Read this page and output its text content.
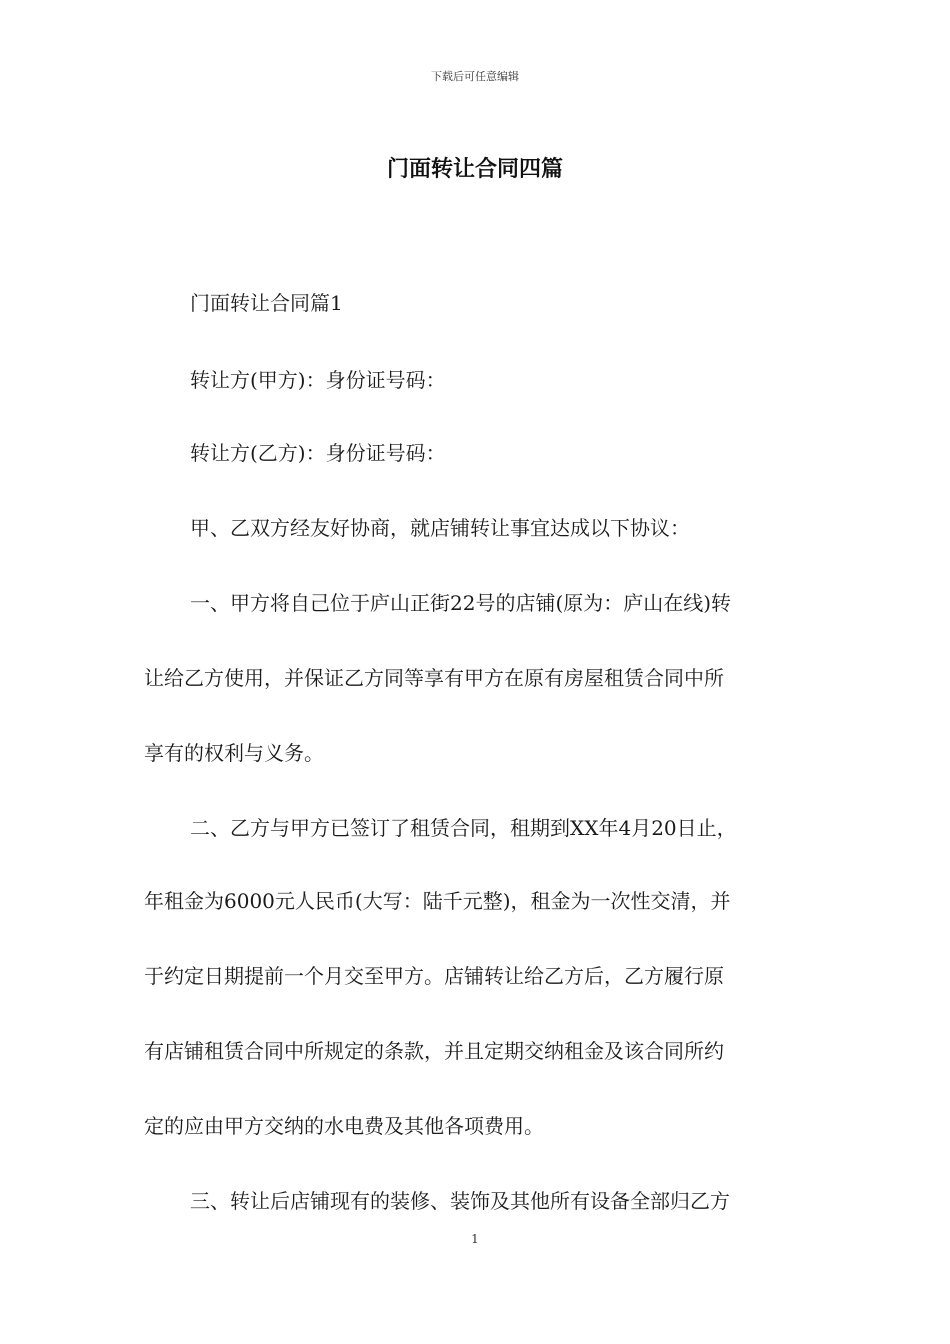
下载后可任意编辑
门面转让合同四篇

门面转让合同篇1

转让方(甲方)：身份证号码：

转让方(乙方)：身份证号码：

甲、乙双方经友好协商，就店铺转让事宜达成以下协议：

一、甲方将自己位于庐山正街22号的店铺(原为：庐山在线)转

让给乙方使用，并保证乙方同等享有甲方在原有房屋租赁合同中所

享有的权利与义务。

二、乙方与甲方已签订了租赁合同，租期到XX年4月20日止，

年租金为6000元人民币(大写：陆千元整)，租金为一次性交清，并

于约定日期提前一个月交至甲方。店铺转让给乙方后，乙方履行原

有店铺租赁合同中所规定的条款，并且定期交纳租金及该合同所约

定的应由甲方交纳的水电费及其他各项费用。

三、转让后店铺现有的装修、装饰及其他所有设备全部归乙方

1
